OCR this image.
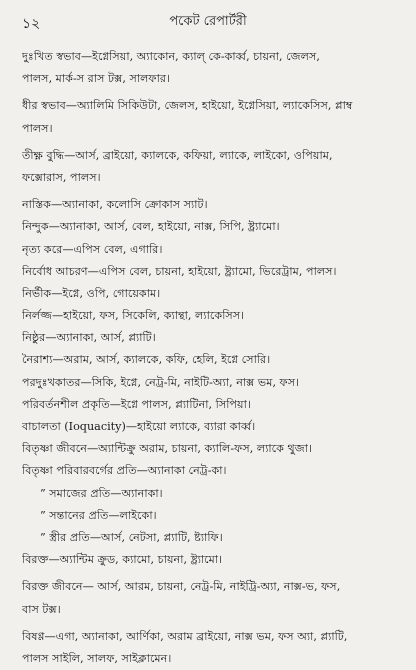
১২	পকেট রেপার্টরী
দুঃখিত স্বভাব—ইগ্নেসিয়া, অ্যাকোন, ক্যাল্ কে-কার্ব্ব, চায়না, জেলস,
পালস, মার্ক-স রাস টক্স, সালফার।
ধীর স্বভাব—অ্যালিমি সিকিউটা, জেলস, হাইয়ো, ইগ্নেসিয়া, ল্যাকেসিস, প্লাম্ব
পালস।
তীক্ষ্ণ বুদ্ধি—আর্স, ব্রাইয়ো, ক্যালকে, কফিয়া, ল্যাকে, লাইকো, ওপিয়াম,
ফক্সোরাস, পালস।
নাস্তিক—অ্যানাকা, কলোসি ক্রোকাস স্যাট।
নিন্দুক—অ্যানাকা, আর্স, বেল, হাইয়ো, নাক্স, সিপি, ষ্ট্র্যামো।
নৃত্য করে—এপিস বেল, এগারি।
নির্বোধ আচরণ—এপিস বেল, চায়না, হাইয়ো, ষ্ট্র্যামো, ভিরেট্রাম, পালস।
নির্ভীক—ইগ্নে, ওপি, গোয়েকাম।
নির্লজ্জ—হাইয়ো, ফস, সিকেলি, ক্যান্থা, ল্যাকেসিস।
নিষ্ঠুর—অ্যানাকা, আর্স, প্ল্যাটি।
নৈরাশ্য—অরাম, আর্স, ক্যালকে, কফি, হেলি, ইগ্নে সোরি।
পরদুঃখকাতর—সিকি, ইগ্নে, নেট্র-মি, নাইটি-অ্যা, নাক্স ভম, ফস।
পরিবর্তনশীল প্রকৃতি—ইগ্নে পালস, প্ল্যাটিনা, সিপিয়া।
বাচালতা (Ioquacity)—হাইয়ো ল্যাকে, ব্যারা কার্ব্ব।
বিতৃষ্ণা জীবনে—অ্যান্টিক্রু অরাম, চায়না, ক্যালি-ফস, ল্যাকে থুজা।
বিতৃষ্ণা পরিবারবর্গের প্রতি—অ্যানাকা নেট্র-কা।
” সমাজের প্রতি—অ্যানাকা।
” সন্তানের প্রতি—লাইকো।
” স্ত্রীর প্রতি—আর্স, নেটসা, প্ল্যাটি, ষ্ট্যাফি।
বিরক্ত—অ্যান্টিম ক্রুড, ক্যামো, চায়না, ষ্ট্র্যামো।
বিরক্ত জীবনে— আর্স, আরম, চায়না, নেট্র-মি, নাইট্রি-অ্যা, নাক্স-ভ, ফস,
বাস টক্স।
বিষণ্ণ—এগা, অ্যানাকা, আর্ণিকা, অরাম ব্রাইয়ো, নাক্স ভম, ফস অ্যা, প্ল্যাটি,
পালস সাইলি, সালফ, সাইক্লামেন।
